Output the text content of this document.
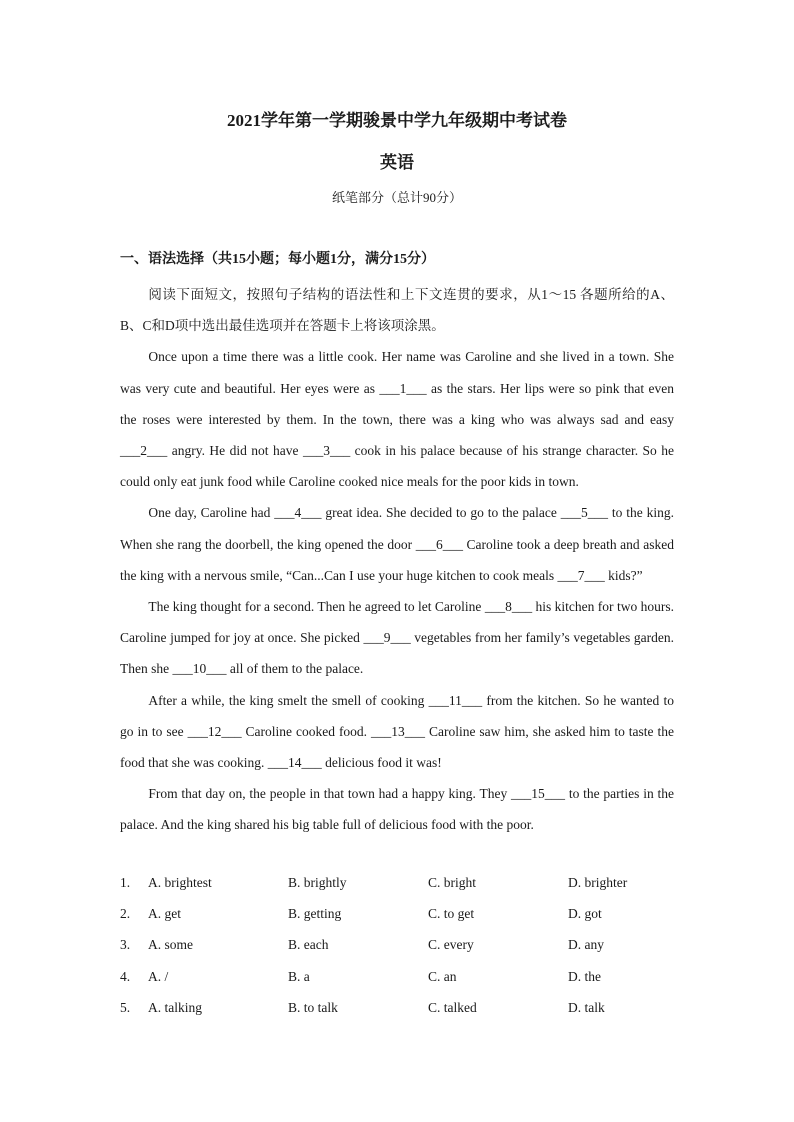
2021学年第一学期骏景中学九年级期中考试卷
英语
纸笔部分（总计90分）
一、语法选择（共15小题；每小题1分，满分15分）

阅读下面短文，按照句子结构的语法性和上下文连贯的要求，从1～15 各题所给的A、B、C和D项中选出最佳选项并在答题卡上将该项涂黑。

Once upon a time there was a little cook. Her name was Caroline and she lived in a town. She was very cute and beautiful. Her eyes were as ___1___ as the stars. Her lips were so pink that even the roses were interested by them. In the town, there was a king who was always sad and easy ___2___ angry. He did not have ___3___ cook in his palace because of his strange character. So he could only eat junk food while Caroline cooked nice meals for the poor kids in town.

One day, Caroline had ___4___ great idea. She decided to go to the palace ___5___ to the king. When she rang the doorbell, the king opened the door ___6___ Caroline took a deep breath and asked the king with a nervous smile, “Can...Can I use your huge kitchen to cook meals ___7___ kids?”

The king thought for a second. Then he agreed to let Caroline ___8___ his kitchen for two hours. Caroline jumped for joy at once. She picked ___9___ vegetables from her family’s vegetables garden. Then she ___10___ all of them to the palace.

After a while, the king smelt the smell of cooking ___11___ from the kitchen. So he wanted to go in to see ___12___ Caroline cooked food. ___13___ Caroline saw him, she asked him to taste the food that she was cooking. ___14___ delicious food it was!

From that day on, the people in that town had a happy king. They ___15___ to the parties in the palace. And the king shared his big table full of delicious food with the poor.

1. A. brightest	B. brightly	C. bright	D. brighter
2. A. get	B. getting	C. to get	D. got
3. A. some	B. each	C. every	D. any
4. A. /	B. a	C. an	D. the
5. A. talking	B. to talk	C. talked	D. talk
